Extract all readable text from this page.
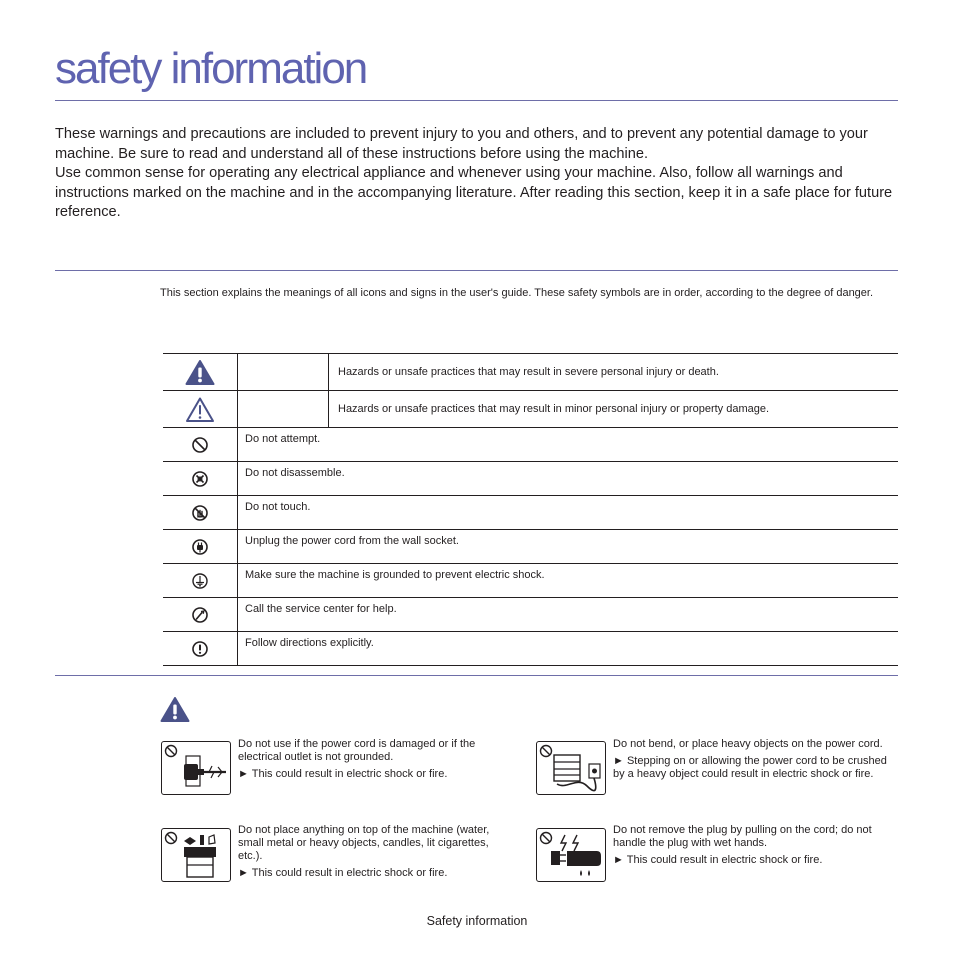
safety information

These warnings and precautions are included to prevent injury to you and others, and to prevent any potential damage to your machine. Be sure to read and understand all of these instructions before using the machine.

Use common sense for operating any electrical appliance and whenever using your machine. Also, follow all warnings and instructions marked on the machine and in the accompanying literature. After reading this section, keep it in a safe place for future reference.

This section explains the meanings of all icons and signs in the user's guide. These safety symbols are in order, according to the degree of danger.

		Hazards or unsafe practices that may result in severe personal injury or death.

		Hazards or unsafe practices that may result in minor personal injury or property damage.

	Do not attempt.	

	Do not disassemble.	

	Do not touch.	

	Unplug the power cord from the wall socket.	

	Make sure the machine is grounded to prevent electric shock.	

	Call the service center for help.	

	Follow directions explicitly.	

Do not use if the power cord is damaged or if the electrical outlet is not grounded.

► This could result in electric shock or fire.

Do not bend, or place heavy objects on the power cord.

► Stepping on or allowing the power cord to be crushed by a heavy object could result in electric shock or fire.

Do not place anything on top of the machine (water, small metal or heavy objects, candles, lit cigarettes, etc.).

► This could result in electric shock or fire.

Do not remove the plug by pulling on the cord; do not handle the plug with wet hands.

► This could result in electric shock or fire.

Safety information
